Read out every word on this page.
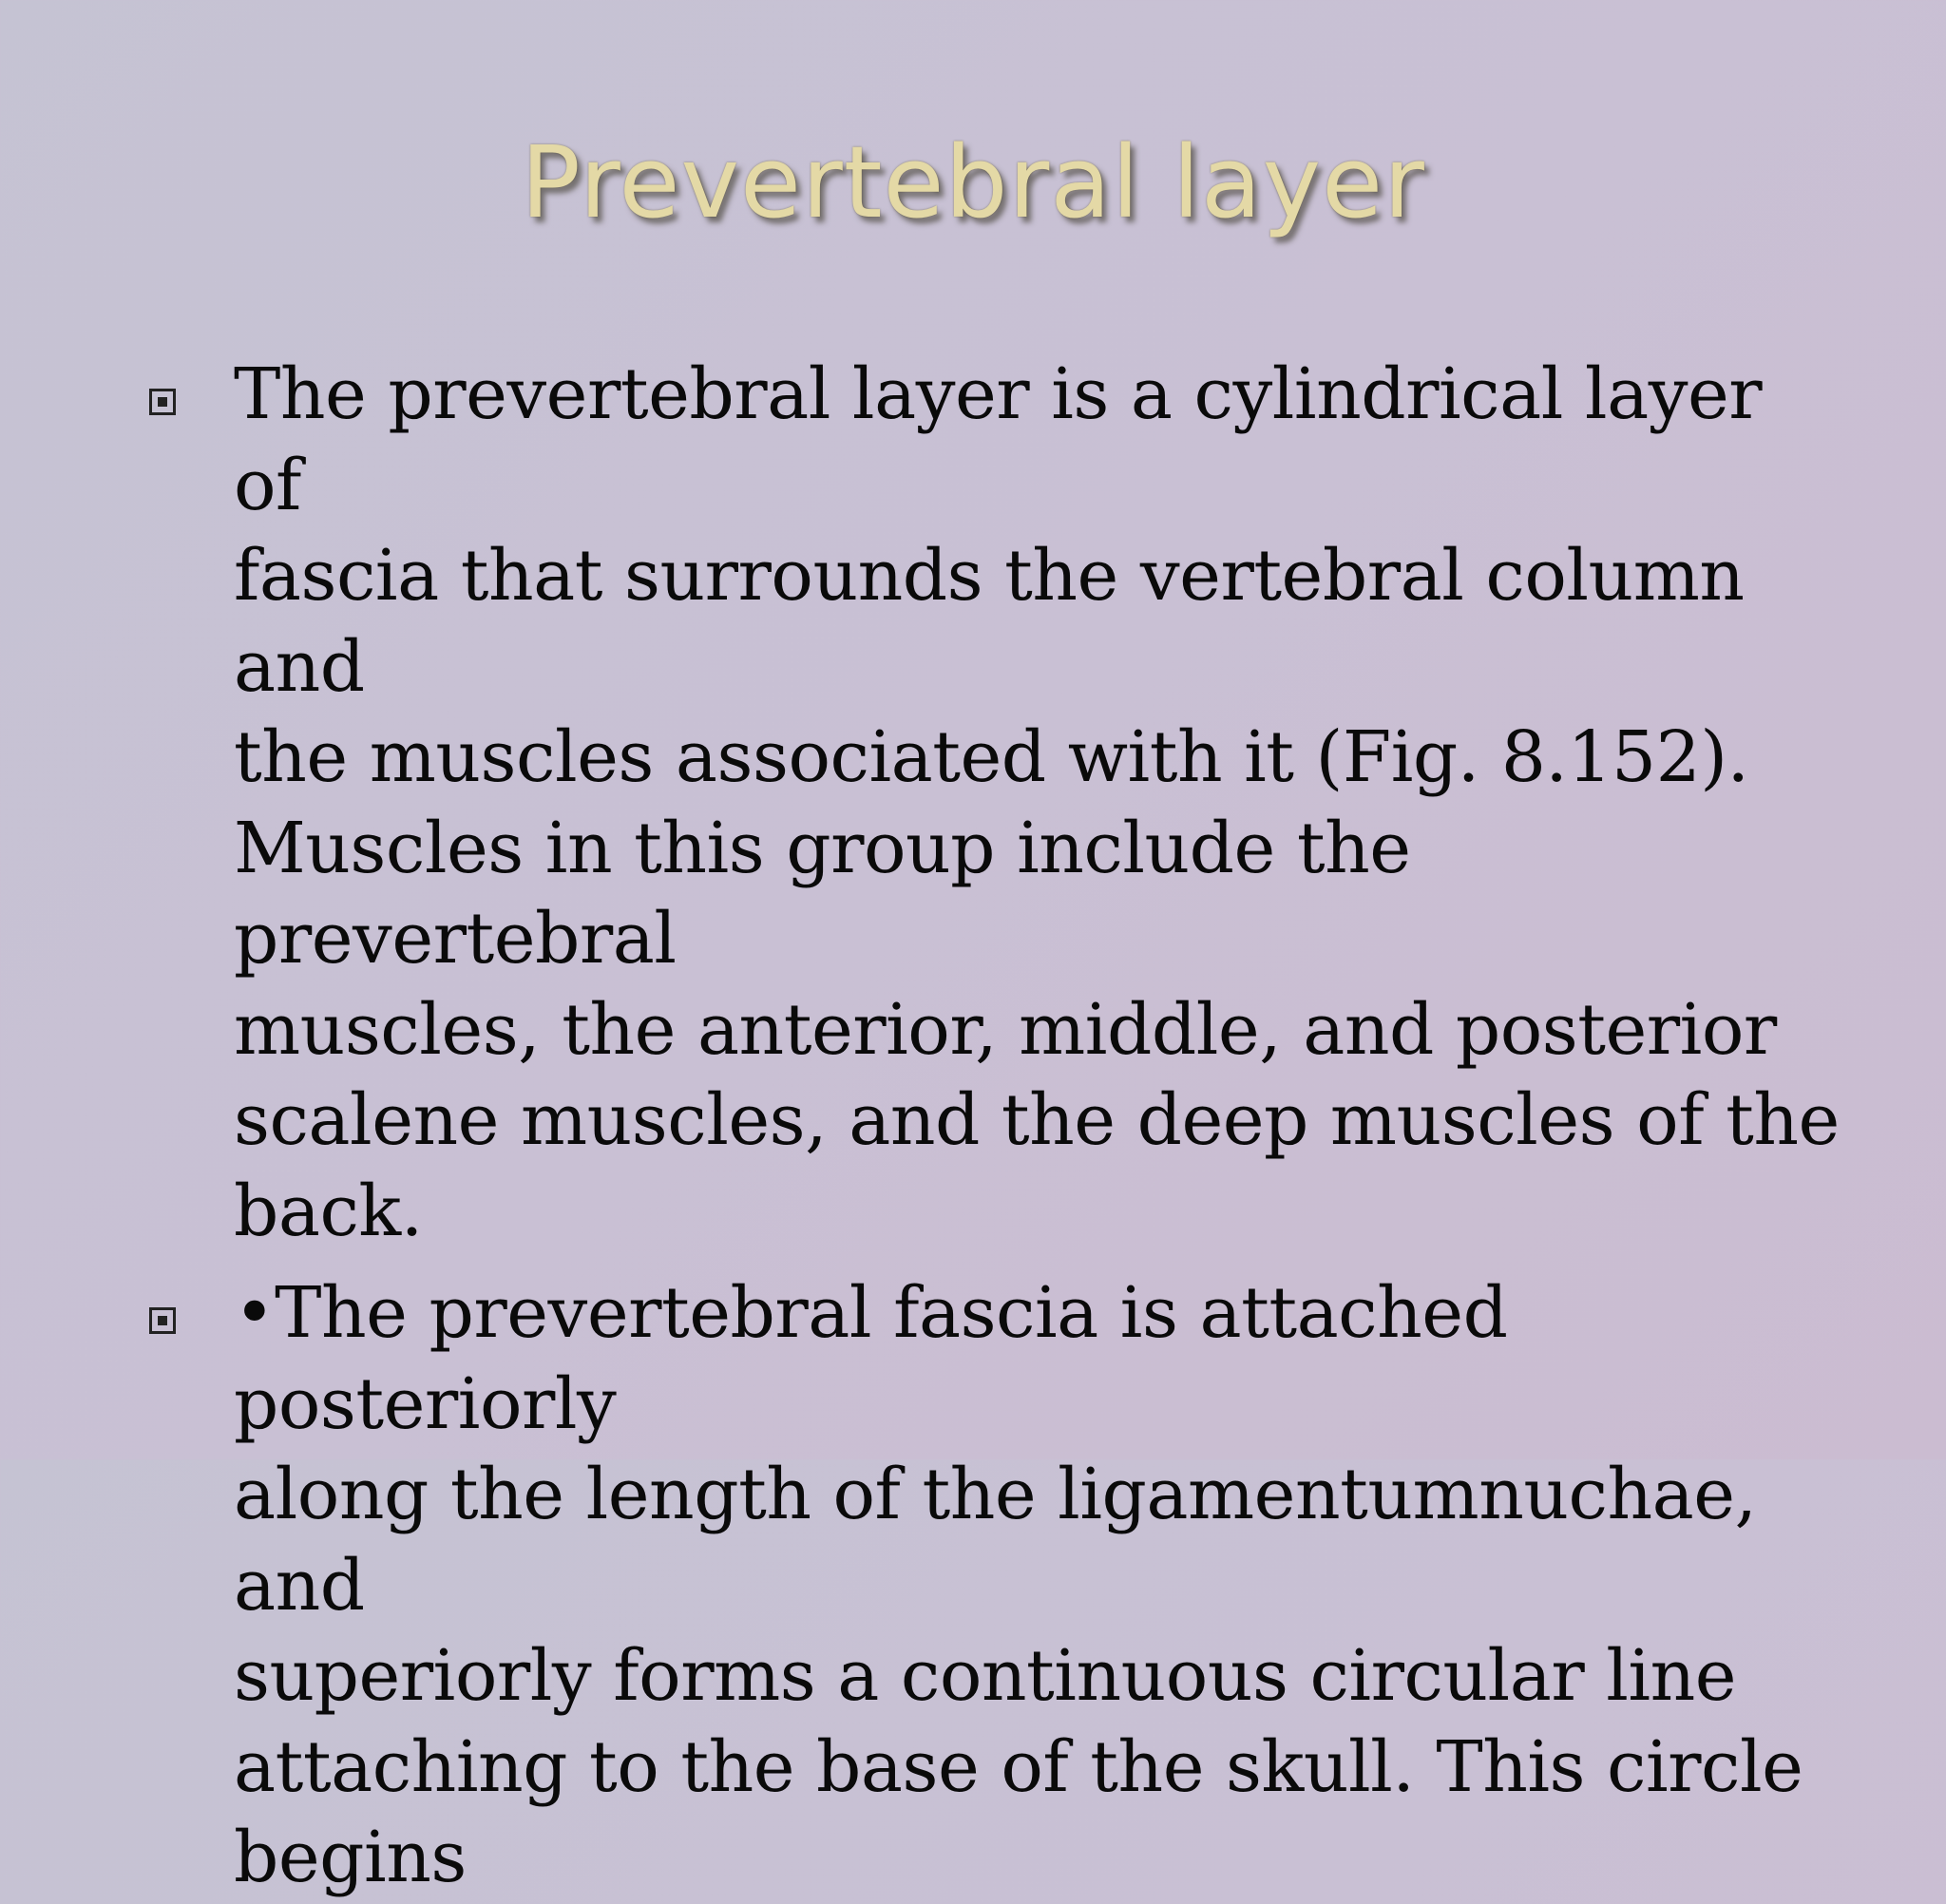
Prevertebral layer
The prevertebral layer is a cylindrical layer of
fascia that surrounds the vertebral column and
the muscles associated with it (Fig. 8.152).
Muscles in this group include the prevertebral
muscles, the anterior, middle, and posterior
scalene muscles, and the deep muscles of the
back.
•The prevertebral fascia is attached posteriorly
along the length of the ligamentumnuchae, and
superiorly forms a continuous circular line
attaching to the base of the skull. This circle
begins
